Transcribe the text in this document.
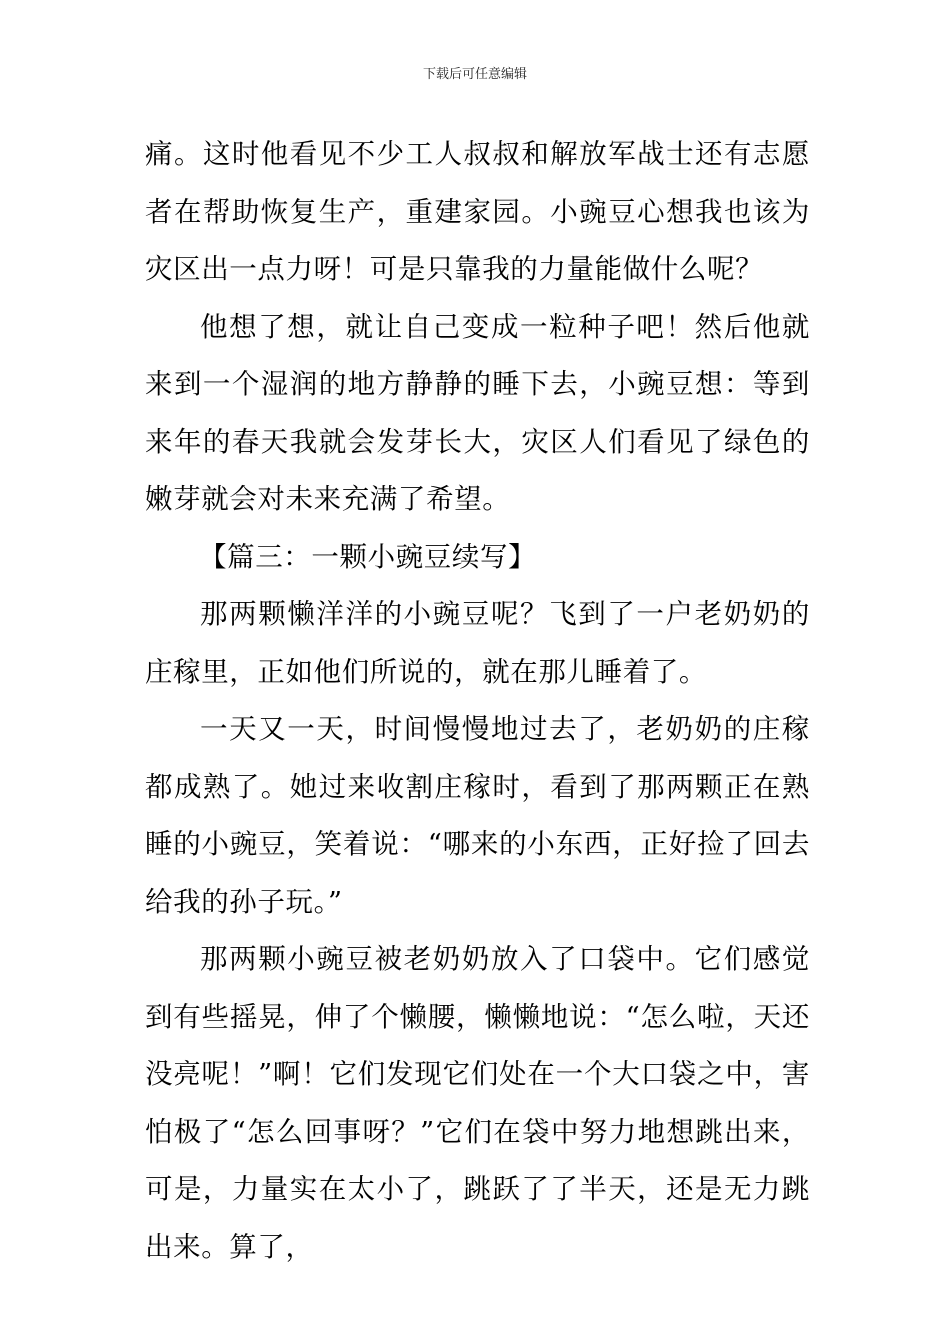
下载后可任意编辑

痛。这时他看见不少工人叔叔和解放军战士还有志愿者在帮助恢复生产，重建家园。小豌豆心想我也该为灾区出一点力呀！可是只靠我的力量能做什么呢？

他想了想，就让自己变成一粒种子吧！然后他就来到一个湿润的地方静静的睡下去，小豌豆想：等到来年的春天我就会发芽长大，灾区人们看见了绿色的嫩芽就会对未来充满了希望。

【篇三：一颗小豌豆续写】

那两颗懒洋洋的小豌豆呢？飞到了一户老奶奶的庄稼里，正如他们所说的，就在那儿睡着了。

一天又一天，时间慢慢地过去了，老奶奶的庄稼都成熟了。她过来收割庄稼时，看到了那两颗正在熟睡的小豌豆，笑着说：“哪来的小东西，正好捡了回去给我的孙子玩。”

那两颗小豌豆被老奶奶放入了口袋中。它们感觉到有些摇晃，伸了个懒腰，懒懒地说：“怎么啦，天还没亮呢！”啊！它们发现它们处在一个大口袋之中，害怕极了“怎么回事呀？”它们在袋中努力地想跳出来，可是，力量实在太小了，跳跃了了半天，还是无力跳出来。算了，
